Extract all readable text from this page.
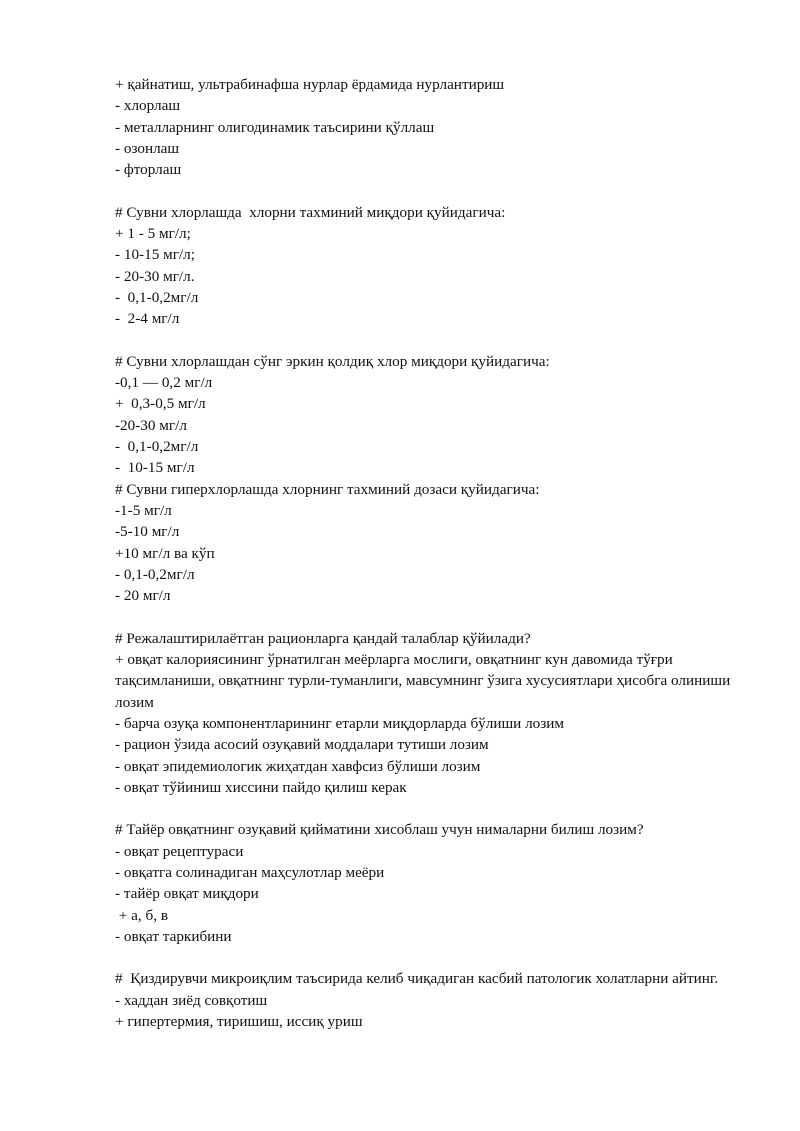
+ қайнатиш, ультрабинафша нурлар ёрдамида нурлантириш
- хлорлаш
- металларнинг олигодинамик таъсирини қўллаш
- озонлаш
- фторлаш
# Сувни хлорлашда  хлорни тахминий миқдори қуйидагича:
+ 1 - 5 мг/л;
- 10-15 мг/л;
- 20-30 мг/л.
-  0,1-0,2мг/л
-  2-4 мг/л
# Сувни хлорлашдан сўнг эркин қолдиқ хлор миқдори қуйидагича:
-0,1 — 0,2 мг/л
+  0,3-0,5 мг/л
-20-30 мг/л
-  0,1-0,2мг/л
-  10-15 мг/л
# Сувни гиперхлорлашда хлорнинг тахминий дозаси қуйидагича:
-1-5 мг/л
-5-10 мг/л
+10 мг/л ва кўп
- 0,1-0,2мг/л
- 20 мг/л
# Режалаштирилаётган рационларга қандай талаблар қўйилади?
+ овқат калориясининг ўрнатилган меёрларга мослиги, овқатнинг кун давомида тўғри тақсимланиши, овқатнинг турли-туманлиги, мавсумнинг ўзига хусусиятлари ҳисобга олиниши лозим
- барча озуқа компонентларининг етарли миқдорларда бўлиши лозим
- рацион ўзида асосий озуқавий моддалари тутиши лозим
- овқат эпидемиологик жиҳатдан хавфсиз бўлиши лозим
- овқат тўйиниш хиссини пайдо қилиш керак
# Тайёр овқатнинг озуқавий қийматини хисоблаш учун нималарни билиш лозим?
- овқат рецептураси
- овқатга солинадиган маҳсулотлар меёри
- тайёр овқат миқдори
+ а, б, в
- овқат таркибини
#  Қиздирувчи микроиқлим таъсирида келиб чиқадиган касбий патологик холатларни айтинг.
- хаддан зиёд совқотиш
+ гипертермия, тиришиш, иссиқ уриш
